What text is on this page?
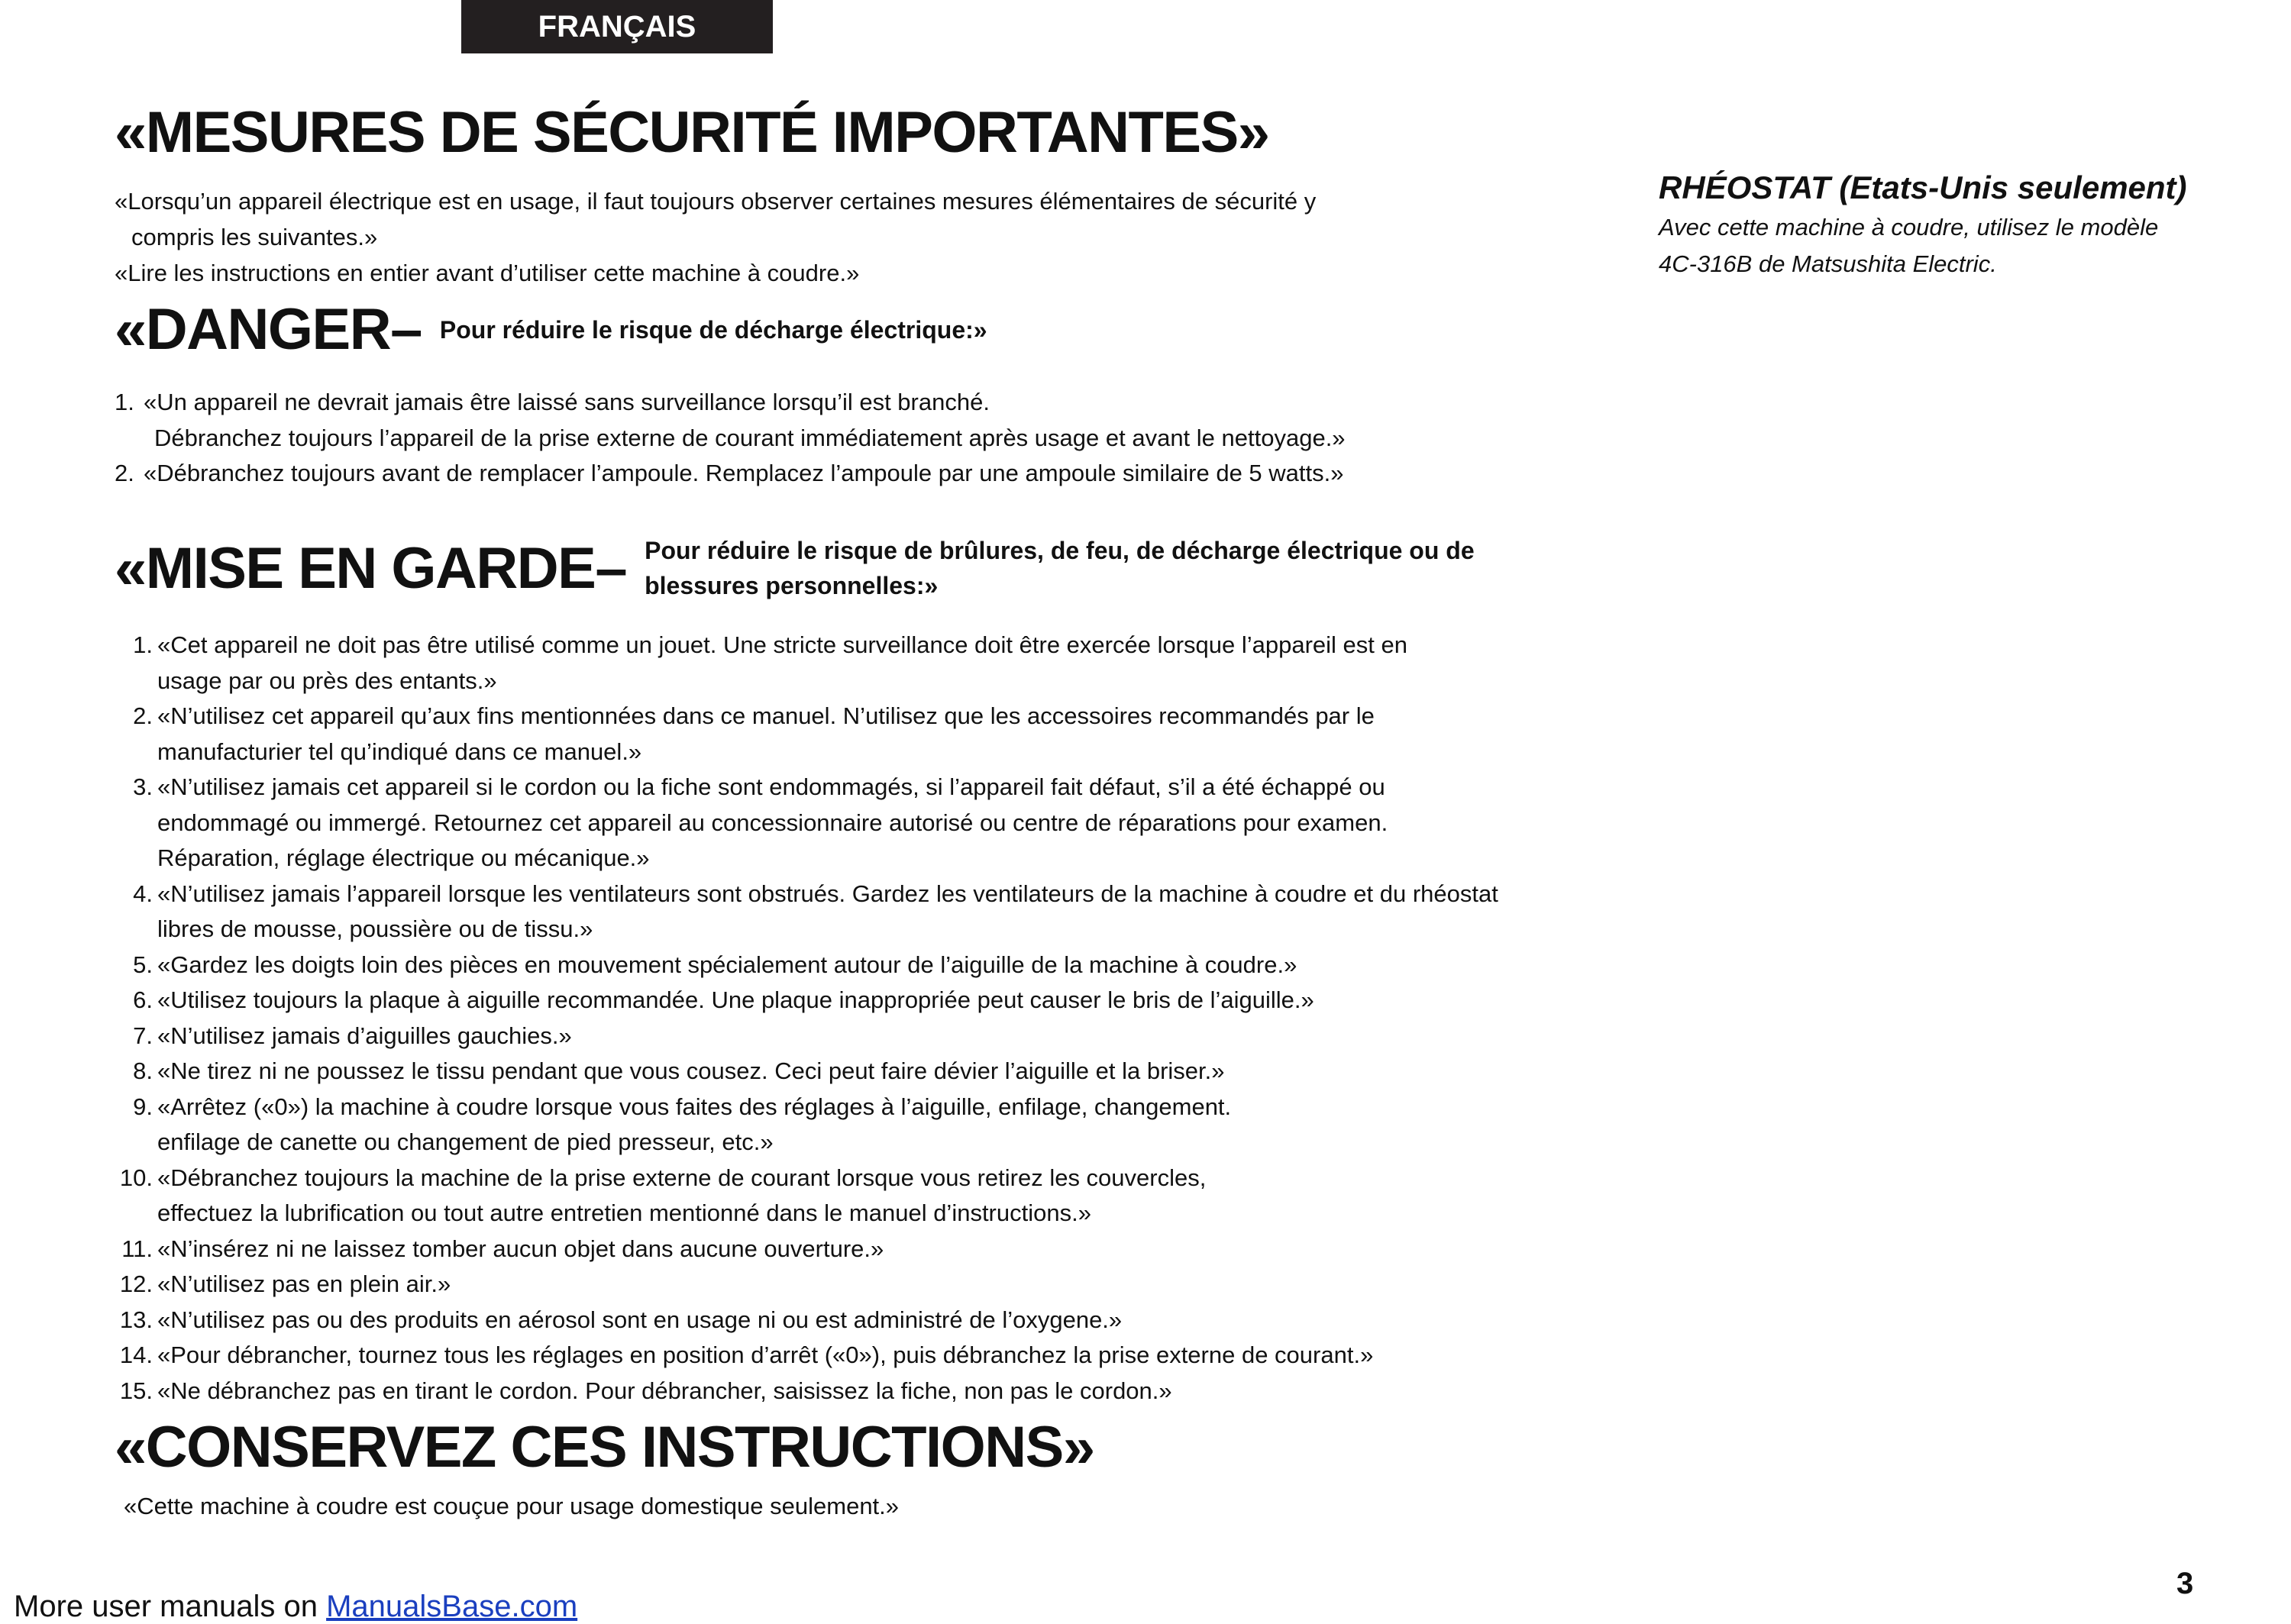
FRANÇAIS
«MESURES DE SÉCURITÉ IMPORTANTES»
«Lorsqu’un appareil électrique est en usage, il faut toujours observer certaines mesures élémentaires de sécurité y
compris les suivantes.»
«Lire les instructions en entier avant d’utiliser cette machine à coudre.»
«DANGER– Pour réduire le risque de décharge électrique:»
1. «Un appareil ne devrait jamais être laissé sans surveillance lorsqu’il est branché.
Débranchez toujours l’appareil de la prise externe de courant immédiatement après usage et avant le nettoyage.»
2. «Débranchez toujours avant de remplacer l’ampoule. Remplacez l’ampoule par une ampoule similaire de 5 watts.»
«MISE EN GARDE– Pour réduire le risque de brûlures, de feu, de décharge électrique ou de
blessures personnelles:»
1. «Cet appareil ne doit pas être utilisé comme un jouet. Une stricte surveillance doit être exercée lorsque l’appareil est en
usage par ou près des entants.»
2. «N’utilisez cet appareil qu’aux fins mentionnées dans ce manuel. N’utilisez que les accessoires recommandés par le
manufacturier tel qu’indiqué dans ce manuel.»
3. «N’utilisez jamais cet appareil si le cordon ou la fiche sont endommagés, si l’appareil fait défaut, s’il a été échappé ou
endommagé ou immergé. Retournez cet appareil au concessionnaire autorisé ou centre de réparations pour examen.
Réparation, réglage électrique ou mécanique.»
4. «N’utilisez jamais l’appareil lorsque les ventilateurs sont obstrués. Gardez les ventilateurs de la machine à coudre et du rhéostat
libres de mousse, poussière ou de tissu.»
5. «Gardez les doigts loin des pièces en mouvement spécialement autour de l’aiguille de la machine à coudre.»
6. «Utilisez toujours la plaque à aiguille recommandée. Une plaque inappropriée peut causer le bris de l’aiguille.»
7. «N’utilisez jamais d’aiguilles gauchies.»
8. «Ne tirez ni ne poussez le tissu pendant que vous cousez. Ceci peut faire dévier l’aiguille et la briser.»
9. «Arrêtez («0») la machine à coudre lorsque vous faites des réglages à l’aiguille, enfilage, changement.
enfilage de canette ou changement de pied presseur, etc.»
10. «Débranchez toujours la machine de la prise externe de courant lorsque vous retirez les couvercles,
effectuez la lubrification ou tout autre entretien mentionné dans le manuel d’instructions.»
11. «N’insérez ni ne laissez tomber aucun objet dans aucune ouverture.»
12. «N’utilisez pas en plein air.»
13. «N’utilisez pas ou des produits en aérosol sont en usage ni ou est administré de l’oxygene.»
14. «Pour débrancher, tournez tous les réglages en position d’arrêt («0»), puis débranchez la prise externe de courant.»
15. «Ne débranchez pas en tirant le cordon. Pour débrancher, saisissez la fiche, non pas le cordon.»
«CONSERVEZ CES INSTRUCTIONS»
«Cette machine à coudre est couçue pour usage domestique seulement.»
RHÉOSTAT (Etats-Unis seulement)
Avec cette machine à coudre, utilisez le modèle
4C-316B de Matsushita Electric.
3
More user manuals on ManualsBase.com
